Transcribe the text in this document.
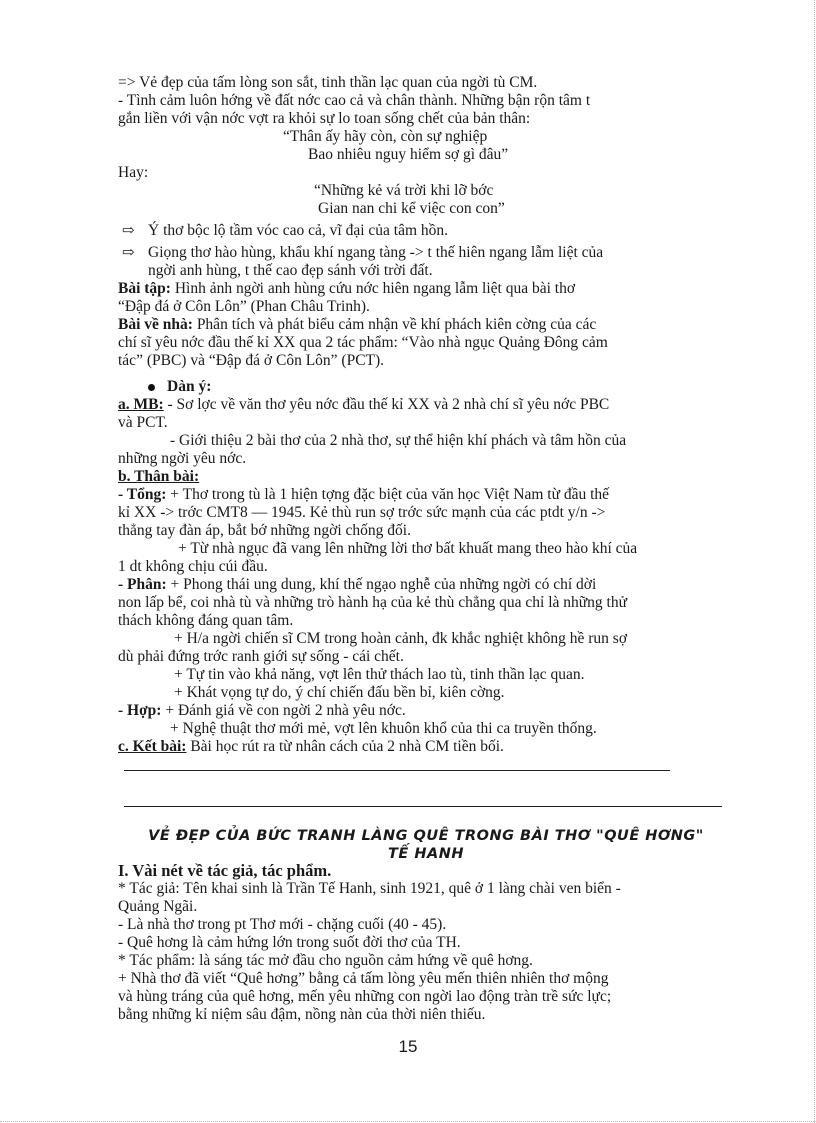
=> Vẻ đẹp của tấm lòng son sắt, tinh thần lạc quan của ngời tù CM.
- Tình cảm luôn hớng về đất nớc cao cả và chân thành. Những bận rộn tâm t
gắn liền với vận nớc vợt ra khỏi sự lo toan sống chết của bản thân:
“Thân ấy hãy còn, còn sự nghiệp
Bao nhiêu nguy hiểm sợ gì đâu”
Hay:
“Những kẻ vá trời khi lỡ bớc
Gian nan chi kể việc con con”
⇨ Ý thơ bộc lộ tầm vóc cao cả, vĩ đại của tâm hồn.
⇨ Giọng thơ hào hùng, khẩu khí ngang tàng -> t thế hiên ngang lẫm liệt của
ngời anh hùng, t thế cao đẹp sánh với trời đất.
Bài tập: Hình ảnh ngời anh hùng cứu nớc hiên ngang lẫm liệt qua bài thơ
“Đập đá ở Côn Lôn” (Phan Châu Trinh).
Bài về nhà: Phân tích và phát biểu cảm nhận về khí phách kiên cờng của các
chí sĩ yêu nớc đầu thế kỉ XX qua 2 tác phẩm: “Vào nhà ngục Quảng Đông cảm
tác” (PBC) và “Đập đá ở Côn Lôn” (PCT).
Dàn ý:
a. MB: - Sơ lợc về văn thơ yêu nớc đầu thế kỉ XX và 2 nhà chí sĩ yêu nớc PBC
và PCT.
- Giới thiệu 2 bài thơ của 2 nhà thơ, sự thể hiện khí phách và tâm hồn của
những ngời yêu nớc.
b. Thân bài:
- Tổng: + Thơ trong tù là 1 hiện tợng đặc biệt của văn học Việt Nam từ đầu thế
kỉ XX -> trớc CMT8 — 1945. Kẻ thù run sợ trớc sức mạnh của các ptdt y/n ->
thẳng tay đàn áp, bắt bớ những ngời chống đối.
+ Từ nhà ngục đã vang lên những lời thơ bất khuất mang theo hào khí của
1 dt không chịu cúi đầu.
- Phân: + Phong thái ung dung, khí thế ngạo nghễ của những ngời có chí dời
non lấp bể, coi nhà tù và những trò hành hạ của kẻ thù chẳng qua chỉ là những thử
thách không đáng quan tâm.
+ H/a ngời chiến sĩ CM trong hoàn cảnh, đk khắc nghiệt không hề run sợ
dù phải đứng trớc ranh giới sự sống - cái chết.
+ Tự tin vào khả năng, vợt lên thử thách lao tù, tinh thần lạc quan.
+ Khát vọng tự do, ý chí chiến đấu bền bỉ, kiên cờng.
- Hợp: + Đánh giá về con ngời 2 nhà yêu nớc.
+ Nghệ thuật thơ mới mẻ, vợt lên khuôn khổ của thi ca truyền thống.
c. Kết bài: Bài học rút ra từ nhân cách của 2 nhà CM tiền bối.
VẺ ĐẸP CỦA BỨC TRANH LÀNG QUÊ TRONG BÀI THƠ "QUÊ HƠNG"
TẾ HANH
I. Vài nét về tác giả, tác phẩm.
* Tác giả: Tên khai sinh là Trần Tế Hanh, sinh 1921, quê ở 1 làng chài ven biển -
Quảng Ngãi.
- Là nhà thơ trong pt Thơ mới - chặng cuối (40 - 45).
- Quê hơng là cảm hứng lớn trong suốt đời thơ của TH.
* Tác phẩm: là sáng tác mở đầu cho nguồn cảm hứng về quê hơng.
+ Nhà thơ đã viết “Quê hơng” bằng cả tấm lòng yêu mến thiên nhiên thơ mộng
và hùng tráng của quê hơng, mến yêu những con ngời lao động tràn trề sức lực;
bằng những kỉ niệm sâu đậm, nồng nàn của thời niên thiếu.
15
